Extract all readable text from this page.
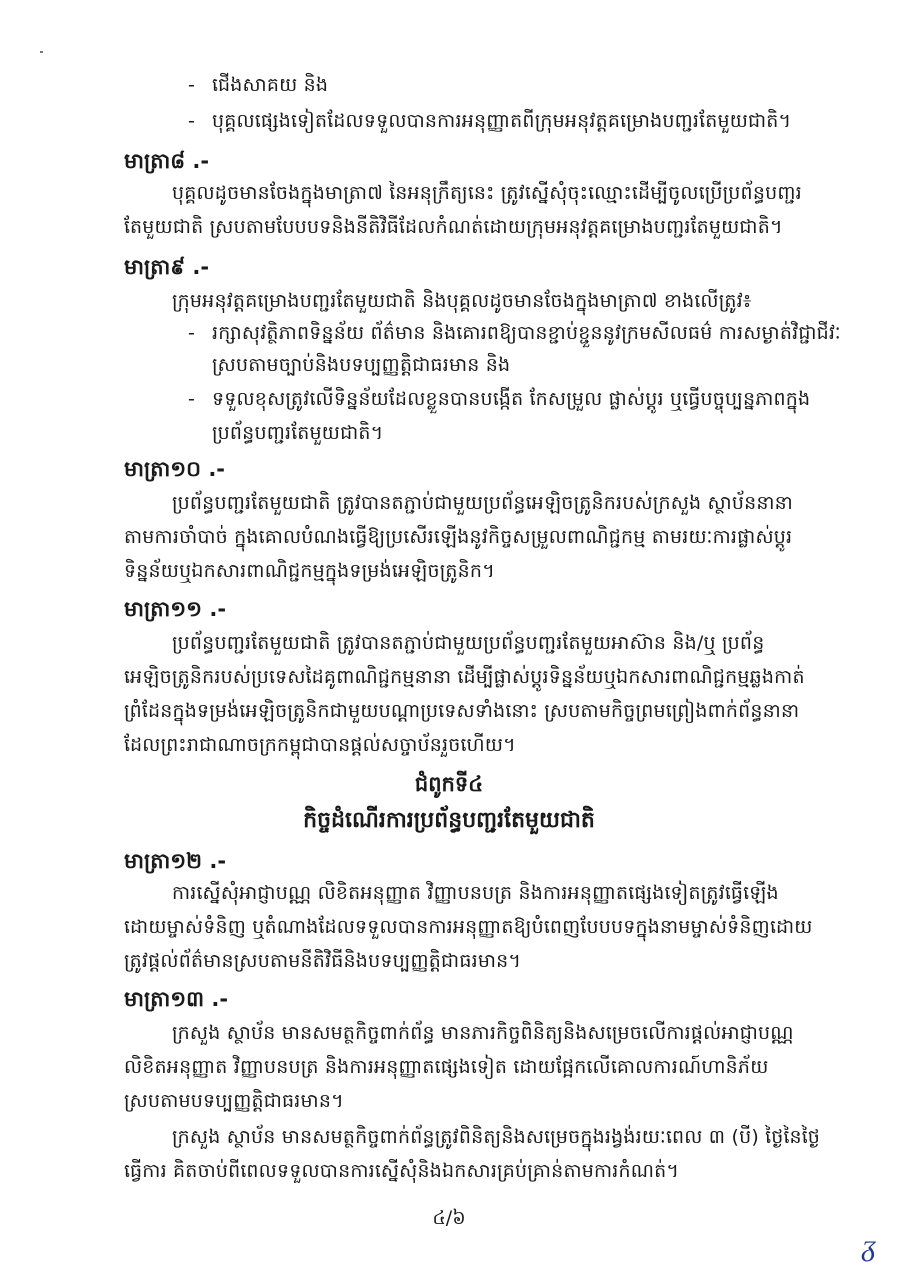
- ជើងសាគយ និង
- បុគ្គលផ្សេងទៀតដែលទទួលបានការអនុញ្ញាតពីក្រុមអនុវត្តគម្រោងបញ្ជរតែមួយជាតិ។
មាត្រា៨ .-
បុគ្គលដូចមានចែងក្នុងមាត្រា៧ នៃអនុក្រឹត្យនេះ ត្រូវស្នើសុំចុះឈ្មោះដើម្បីចូលប្រើប្រព័ន្ធបញ្ជរ
តែមួយជាតិ ស្របតាមបែបបទនិងនីតិវិធីដែលកំណត់ដោយក្រុមអនុវត្តគម្រោងបញ្ជរតែមួយជាតិ។
មាត្រា៩ .-
ក្រុមអនុវត្តគម្រោងបញ្ជរតែមួយជាតិ និងបុគ្គលដូចមានចែងក្នុងមាត្រា៧ ខាងលើត្រូវ៖
- រក្សាសុវត្ថិភាពទិន្នន័យ ព័ត៌មាន និងគោរពឱ្យបានខ្ជាប់ខ្ជួននូវក្រមសីលធម៌ ការសម្ងាត់វិជ្ជាជីវៈ
ស្របតាមច្បាប់និងបទប្បញ្ញត្តិជាធរមាន និង
- ទទួលខុសត្រូវលើទិន្នន័យដែលខ្លួនបានបង្កើត កែសម្រួល ផ្លាស់ប្តូរ ឬធ្វើបច្ចុប្បន្នភាពក្នុង
ប្រព័ន្ធបញ្ជរតែមួយជាតិ។
មាត្រា១០ .-
ប្រព័ន្ធបញ្ជរតែមួយជាតិ ត្រូវបានតភ្ជាប់ជាមួយប្រព័ន្ធអេឡិចត្រូនិករបស់ក្រសួង ស្ថាប័ននានា
តាមការចាំបាច់ ក្នុងគោលបំណងធ្វើឱ្យប្រសើរឡើងនូវកិច្ចសម្រួលពាណិជ្ជកម្ម តាមរយៈការផ្លាស់ប្តូរ
ទិន្នន័យឬឯកសារពាណិជ្ជកម្មក្នុងទម្រង់អេឡិចត្រូនិក។
មាត្រា១១ .-
ប្រព័ន្ធបញ្ជរតែមួយជាតិ ត្រូវបានតភ្ជាប់ជាមួយប្រព័ន្ធបញ្ជរតែមួយអាស៊ាន និង/ឬ ប្រព័ន្ធ
អេឡិចត្រូនិករបស់ប្រទេសដៃគូពាណិជ្ជកម្មនានា ដើម្បីផ្លាស់ប្តូរទិន្នន័យឬឯកសារពាណិជ្ជកម្មឆ្លងកាត់
ព្រំដែនក្នុងទម្រង់អេឡិចត្រូនិកជាមួយបណ្តាប្រទេសទាំងនោះ ស្របតាមកិច្ចព្រមព្រៀងពាក់ព័ន្ធនានា
ដែលព្រះរាជាណាចក្រកម្ពុជាបានផ្តល់សច្ចាប័នរួចហើយ។
ជំពូកទី៤
កិច្ចដំណើរការប្រព័ន្ធបញ្ជរតែមួយជាតិ
មាត្រា១២ .-
ការស្នើសុំអាជ្ញាបណ្ណ លិខិតអនុញ្ញាត វិញ្ញាបនបត្រ និងការអនុញ្ញាតផ្សេងទៀតត្រូវធ្វើឡើង
ដោយម្ចាស់ទំនិញ ឬតំណាងដែលទទួលបានការអនុញ្ញាតឱ្យបំពេញបែបបទក្នុងនាមម្ចាស់ទំនិញដោយ
ត្រូវផ្តល់ព័ត៌មានស្របតាមនីតិវិធីនិងបទប្បញ្ញត្តិជាធរមាន។
មាត្រា១៣ .-
ក្រសួង ស្ថាប័ន មានសមត្ថកិច្ចពាក់ព័ន្ធ មានភារកិច្ចពិនិត្យនិងសម្រេចលើការផ្តល់អាជ្ញាបណ្ណ
លិខិតអនុញ្ញាត វិញ្ញាបនបត្រ និងការអនុញ្ញាតផ្សេងទៀត ដោយផ្អែកលើគោលការណ៍ហានិភ័យ
ស្របតាមបទប្បញ្ញត្តិជាធរមាន។
ក្រសួង ស្ថាប័ន មានសមត្ថកិច្ចពាក់ព័ន្ធត្រូវពិនិត្យនិងសម្រេចក្នុងរង្វង់រយៈពេល ៣ (បី) ថ្ងៃនៃថ្ងៃ
ធ្វើការ គិតចាប់ពីពេលទទួលបានការស្នើសុំនិងឯកសារគ្រប់គ្រាន់តាមការកំណត់។
៤/៦
ᵹ
